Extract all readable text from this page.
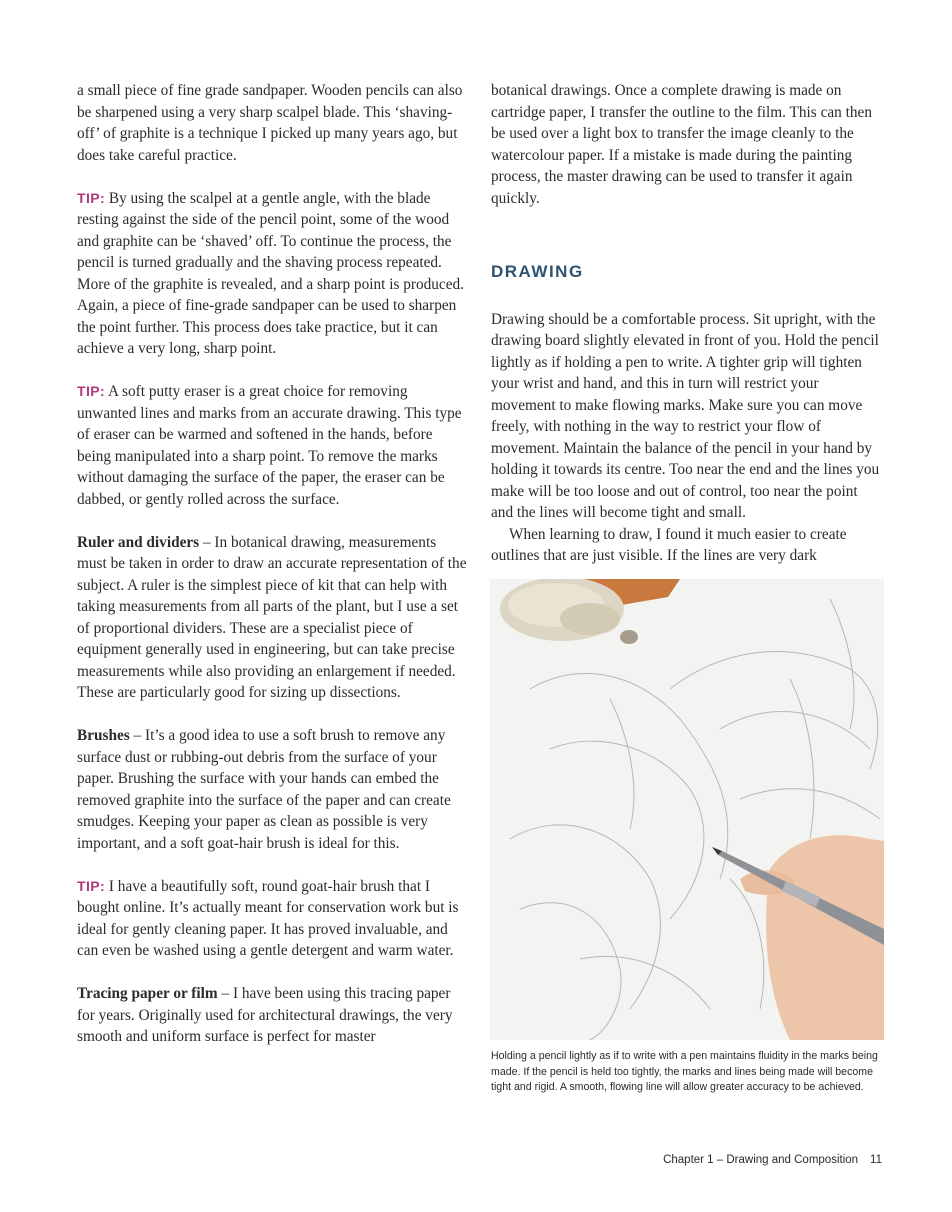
a small piece of fine grade sandpaper. Wooden pencils can also be sharpened using a very sharp scalpel blade. This ‘shaving-off’ of graphite is a technique I picked up many years ago, but does take careful practice.

TIP: By using the scalpel at a gentle angle, with the blade resting against the side of the pencil point, some of the wood and graphite can be ‘shaved’ off. To continue the process, the pencil is turned gradually and the shaving process repeated. More of the graphite is revealed, and a sharp point is produced. Again, a piece of fine-grade sandpaper can be used to sharpen the point further. This process does take practice, but it can achieve a very long, sharp point.

TIP: A soft putty eraser is a great choice for removing unwanted lines and marks from an accurate drawing. This type of eraser can be warmed and softened in the hands, before being manipulated into a sharp point. To remove the marks without damaging the surface of the paper, the eraser can be dabbed, or gently rolled across the surface.

Ruler and dividers – In botanical drawing, measurements must be taken in order to draw an accurate representation of the subject. A ruler is the simplest piece of kit that can help with taking measurements from all parts of the plant, but I use a set of proportional dividers. These are a specialist piece of equipment generally used in engineering, but can take precise measurements while also providing an enlargement if needed. These are particularly good for sizing up dissections.

Brushes – It’s a good idea to use a soft brush to remove any surface dust or rubbing-out debris from the surface of your paper. Brushing the surface with your hands can embed the removed graphite into the surface of the paper and can create smudges. Keeping your paper as clean as possible is very important, and a soft goat-hair brush is ideal for this.

TIP: I have a beautifully soft, round goat-hair brush that I bought online. It’s actually meant for conservation work but is ideal for gently cleaning paper. It has proved invaluable, and can even be washed using a gentle detergent and warm water.

Tracing paper or film – I have been using this tracing paper for years. Originally used for architectural drawings, the very smooth and uniform surface is perfect for master

botanical drawings. Once a complete drawing is made on cartridge paper, I transfer the outline to the film. This can then be used over a light box to transfer the image cleanly to the watercolour paper. If a mistake is made during the painting process, the master drawing can be used to transfer it again quickly.

DRAWING

Drawing should be a comfortable process. Sit upright, with the drawing board slightly elevated in front of you. Hold the pencil lightly as if holding a pen to write. A tighter grip will tighten your wrist and hand, and this in turn will restrict your movement to make flowing marks. Make sure you can move freely, with nothing in the way to restrict your flow of movement. Maintain the balance of the pencil in your hand by holding it towards its centre. Too near the end and the lines you make will be too loose and out of control, too near the point and the lines will become tight and small.

When learning to draw, I found it much easier to create outlines that are just visible. If the lines are very dark

Holding a pencil lightly as if to write with a pen maintains fluidity in the marks being made. If the pencil is held too tightly, the marks and lines being made will become tight and rigid. A smooth, flowing line will allow greater accuracy to be achieved.
Chapter 1 – Drawing and Composition 11
